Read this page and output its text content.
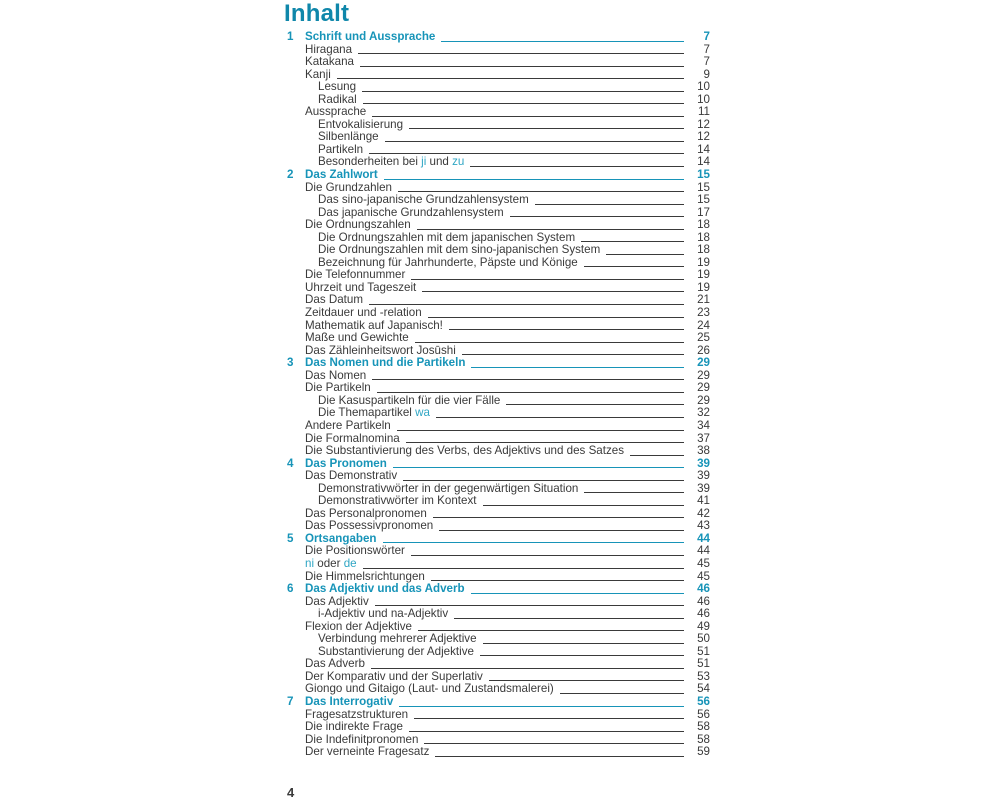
Inhalt
1 Schrift und Aussprache	7
Hiragana	7
Katakana	7
Kanji	9
Lesung	10
Radikal	10
Aussprache	11
Entvokalisierung	12
Silbenlänge	12
Partikeln	14
Besonderheiten bei ji und zu	14
2 Das Zahlwort	15
Die Grundzahlen	15
Das sino-japanische Grundzahlensystem	15
Das japanische Grundzahlensystem	17
Die Ordnungszahlen	18
Die Ordnungszahlen mit dem japanischen System	18
Die Ordnungszahlen mit dem sino-japanischen System	18
Bezeichnung für Jahrhunderte, Päpste und Könige	19
Die Telefonnummer	19
Uhrzeit und Tageszeit	19
Das Datum	21
Zeitdauer und -relation	23
Mathematik auf Japanisch!	24
Maße und Gewichte	25
Das Zähleinheitswort Josūshi	26
3 Das Nomen und die Partikeln	29
Das Nomen	29
Die Partikeln	29
Die Kasuspartikeln für die vier Fälle	29
Die Themapartikel wa	32
Andere Partikeln	34
Die Formalnomina	37
Die Substantivierung des Verbs, des Adjektivs und des Satzes	38
4 Das Pronomen	39
Das Demonstrativ	39
Demonstrativwörter in der gegenwärtigen Situation	39
Demonstrativwörter im Kontext	41
Das Personalpronomen	42
Das Possessivpronomen	43
5 Ortsangaben	44
Die Positionswörter	44
ni oder de	45
Die Himmelsrichtungen	45
6 Das Adjektiv und das Adverb	46
Das Adjektiv	46
i-Adjektiv und na-Adjektiv	46
Flexion der Adjektive	49
Verbindung mehrerer Adjektive	50
Substantivierung der Adjektive	51
Das Adverb	51
Der Komparativ und der Superlativ	53
Giongo und Gitaigo (Laut- und Zustandsmalerei)	54
7 Das Interrogativ	56
Fragesatzstrukturen	56
Die indirekte Frage	58
Die Indefinitpronomen	58
Der verneinte Fragesatz	59
4
